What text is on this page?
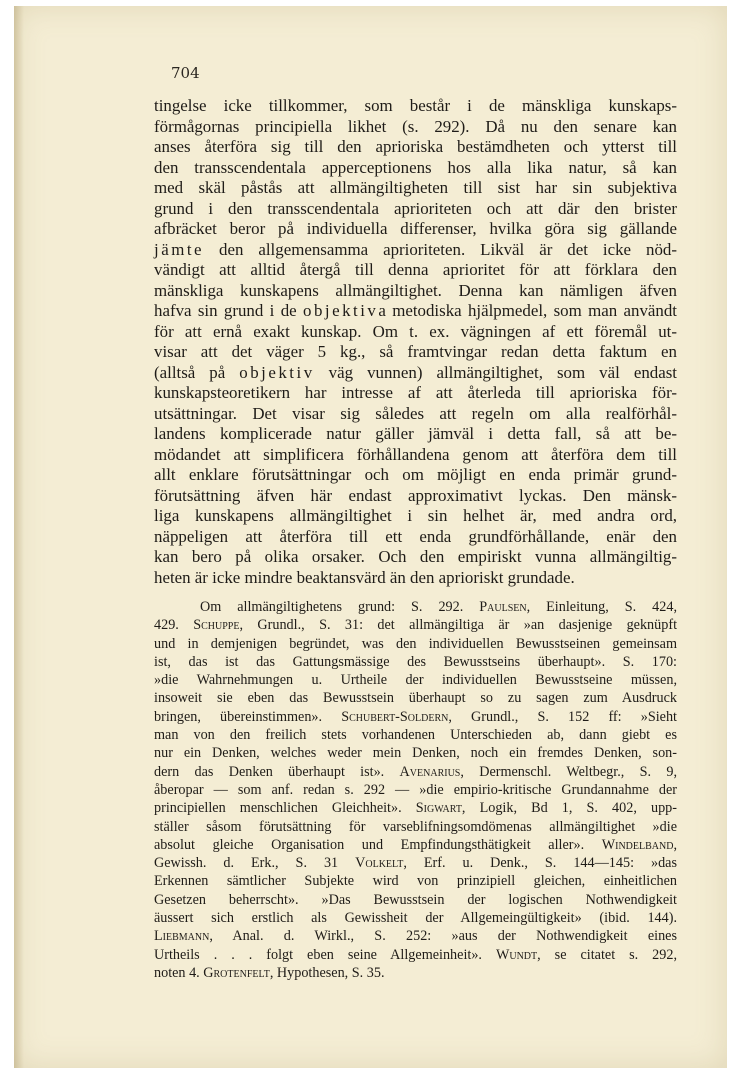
704
tingelse icke tillkommer, som består i de mänskliga kunskaps-
förmågornas principiella likhet (s. 292). Då nu den senare kan
anses återföra sig till den aprioriska bestämdheten och ytterst till
den transscendentala apperceptionens hos alla lika natur, så kan
med skäl påstås att allmängiltigheten till sist har sin subjektiva
grund i den transscendentala aprioriteten och att där den brister
afbräcket beror på individuella differenser, hvilka göra sig gällande
jämte den allgemensamma aprioriteten. Likväl är det icke nöd-
vändigt att alltid återgå till denna aprioritet för att förklara den
mänskliga kunskapens allmängiltighet. Denna kan nämligen äfven
hafva sin grund i de objektiva metodiska hjälpmedel, som man användt
för att ernå exakt kunskap. Om t. ex. vägningen af ett föremål ut-
visar att det väger 5 kg., så framtvingar redan detta faktum en
(alltså på objektiv väg vunnen) allmängiltighet, som väl endast
kunskapsteoretikern har intresse af att återleda till aprioriska för-
utsättningar. Det visar sig således att regeln om alla realförhål-
landens komplicerade natur gäller jämväl i detta fall, så att be-
mödandet att simplificera förhållandena genom att återföra dem till
allt enklare förutsättningar och om möjligt en enda primär grund-
förutsättning äfven här endast approximativt lyckas. Den mänsk-
liga kunskapens allmängiltighet i sin helhet är, med andra ord,
näppeligen att återföra till ett enda grundförhållande, enär den
kan bero på olika orsaker. Och den empiriskt vunna allmängiltig-
heten är icke mindre beaktansvärd än den aprioriskt grundade.
Om allmängiltighetens grund: S. 292. Paulsen, Einleitung, S. 424,
429. Schuppe, Grundl., S. 31: det allmängiltiga är »an dasjenige geknüpft
und in demjenigen begründet, was den individuellen Bewusstseinen gemeinsam
ist, das ist das Gattungsmässige des Bewusstseins überhaupt». S. 170:
»die Wahrnehmungen u. Urtheile der individuellen Bewusstseine müssen,
insoweit sie eben das Bewusstsein überhaupt so zu sagen zum Ausdruck
bringen, übereinstimmen». Schubert-Soldern, Grundl., S. 152 ff: »Sieht
man von den freilich stets vorhandenen Unterschieden ab, dann giebt es
nur ein Denken, welches weder mein Denken, noch ein fremdes Denken, son-
dern das Denken überhaupt ist». Avenarius, Dermenschl. Weltbegr., S. 9,
åberopar — som anf. redan s. 292 — »die empirio-kritische Grundannahme der
principiellen menschlichen Gleichheit». Sigwart, Logik, Bd 1, S. 402, upp-
ställer såsom förutsättning för varseblifningsomdömenas allmängiltighet »die
absolut gleiche Organisation und Empfindungsthätigkeit aller». Windelband,
Gewissh. d. Erk., S. 31 Volkelt, Erf. u. Denk., S. 144—145: »das
Erkennen sämtlicher Subjekte wird von prinzipiell gleichen, einheitlichen
Gesetzen beherrscht». »Das Bewusstsein der logischen Nothwendigkeit
äussert sich erstlich als Gewissheit der Allgemeingültigkeit» (ibid. 144).
Liebmann, Anal. d. Wirkl., S. 252: »aus der Nothwendigkeit eines
Urtheils . . . folgt eben seine Allgemeinheit». Wundt, se citatet s. 292,
noten 4. Grotenfelt, Hypothesen, S. 35.
